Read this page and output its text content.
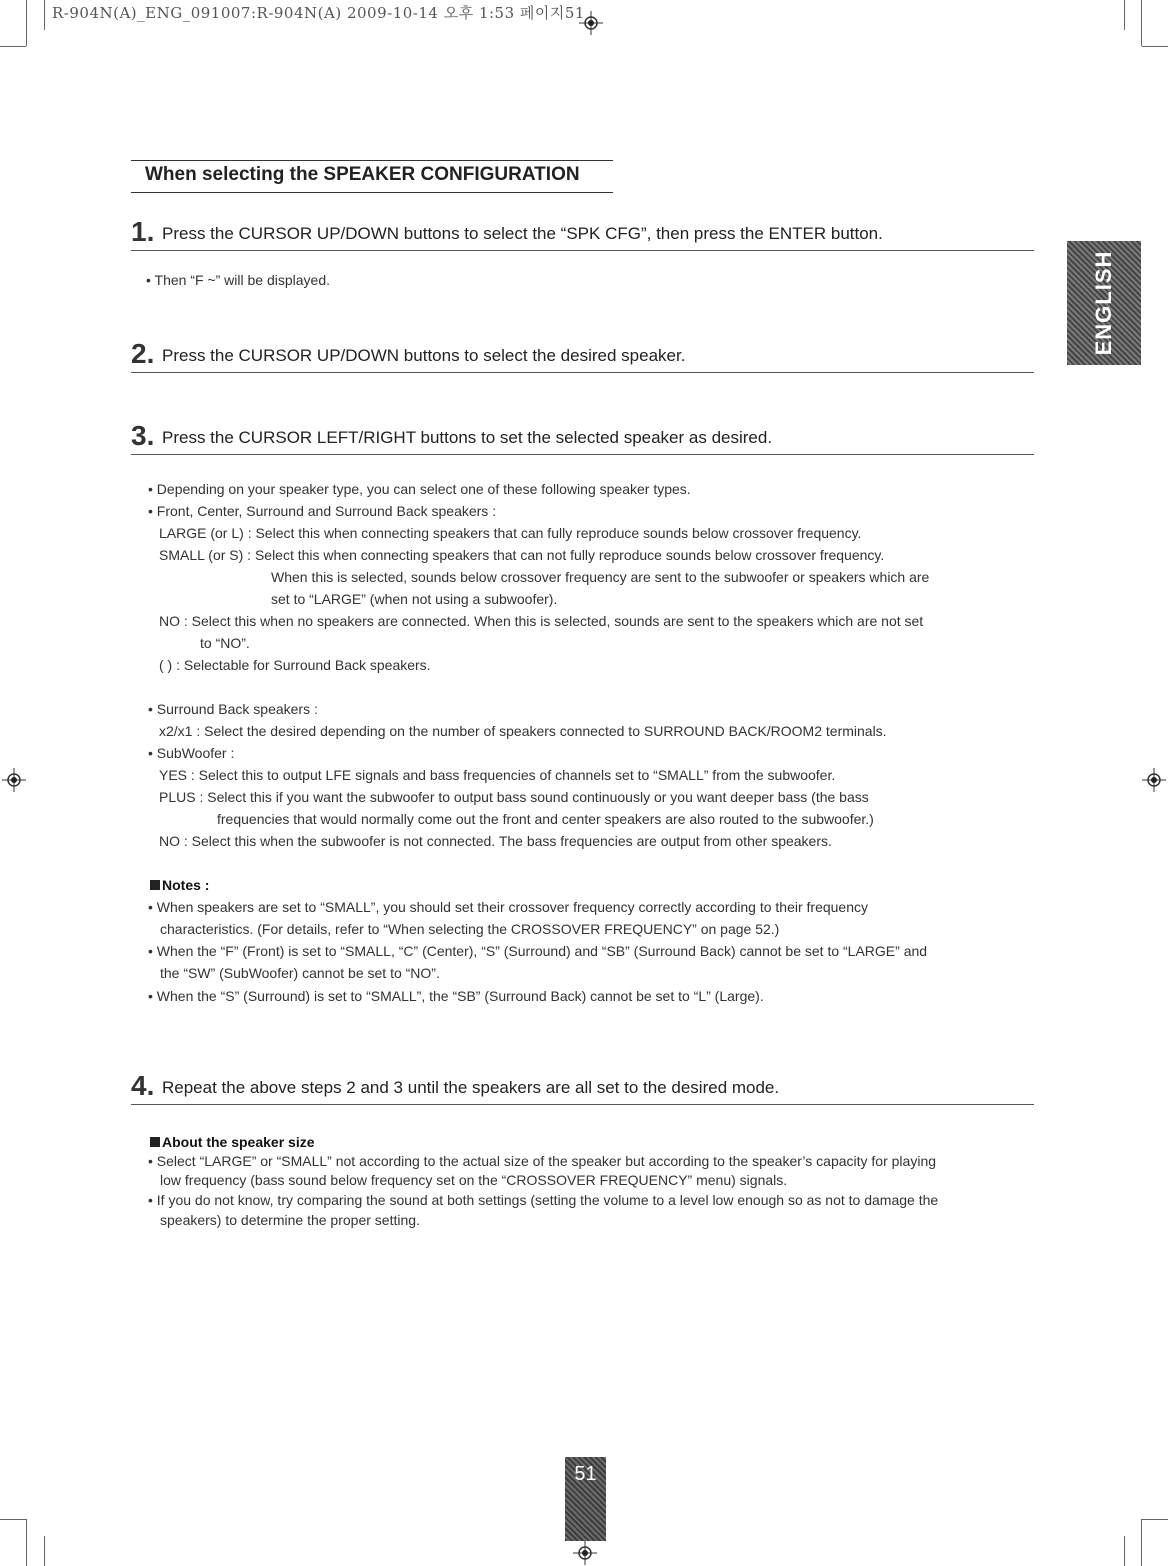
R-904N(A)_ENG_091007:R-904N(A) 2009-10-14 오후 1:53 페이지51
When selecting the SPEAKER CONFIGURATION
ENGLISH
1. Press the CURSOR UP/DOWN buttons to select the “SPK CFG”, then press the ENTER button.
• Then “F ~” will be displayed.
2. Press the CURSOR UP/DOWN buttons to select the desired speaker.
3. Press the CURSOR LEFT/RIGHT buttons to set the selected speaker as desired.
• Depending on your speaker type, you can select one of these following speaker types.
• Front, Center, Surround and Surround Back speakers :
LARGE (or L) : Select this when connecting speakers that can fully reproduce sounds below crossover frequency.
SMALL (or S) : Select this when connecting speakers that can not fully reproduce sounds below crossover frequency.
When this is selected, sounds below crossover frequency are sent to the subwoofer or speakers which are
set to “LARGE” (when not using a subwoofer).
NO : Select this when no speakers are connected. When this is selected, sounds are sent to the speakers which are not set
to “NO”.
( ) : Selectable for Surround Back speakers.
• Surround Back speakers :
x2/x1 : Select the desired depending on the number of speakers connected to SURROUND BACK/ROOM2 terminals.
• SubWoofer :
YES : Select this to output LFE signals and bass frequencies of channels set to “SMALL” from the subwoofer.
PLUS : Select this if you want the subwoofer to output bass sound continuously or you want deeper bass (the bass
frequencies that would normally come out the front and center speakers are also routed to the subwoofer.)
NO : Select this when the subwoofer is not connected. The bass frequencies are output from other speakers.
Notes :
• When speakers are set to “SMALL”, you should set their crossover frequency correctly according to their frequency
characteristics. (For details, refer to “When selecting the CROSSOVER FREQUENCY” on page 52.)
• When the “F” (Front) is set to “SMALL, “C” (Center), “S” (Surround) and “SB” (Surround Back) cannot be set to “LARGE” and
the “SW” (SubWoofer) cannot be set to “NO”.
• When the “S” (Surround) is set to “SMALL”, the “SB” (Surround Back) cannot be set to “L” (Large).
4. Repeat the above steps 2 and 3 until the speakers are all set to the desired mode.
About the speaker size
• Select “LARGE” or “SMALL” not according to the actual size of the speaker but according to the speaker’s capacity for playing
low frequency (bass sound below frequency set on the “CROSSOVER FREQUENCY” menu) signals.
• If you do not know, try comparing the sound at both settings (setting the volume to a level low enough so as not to damage the
speakers) to determine the proper setting.
51
